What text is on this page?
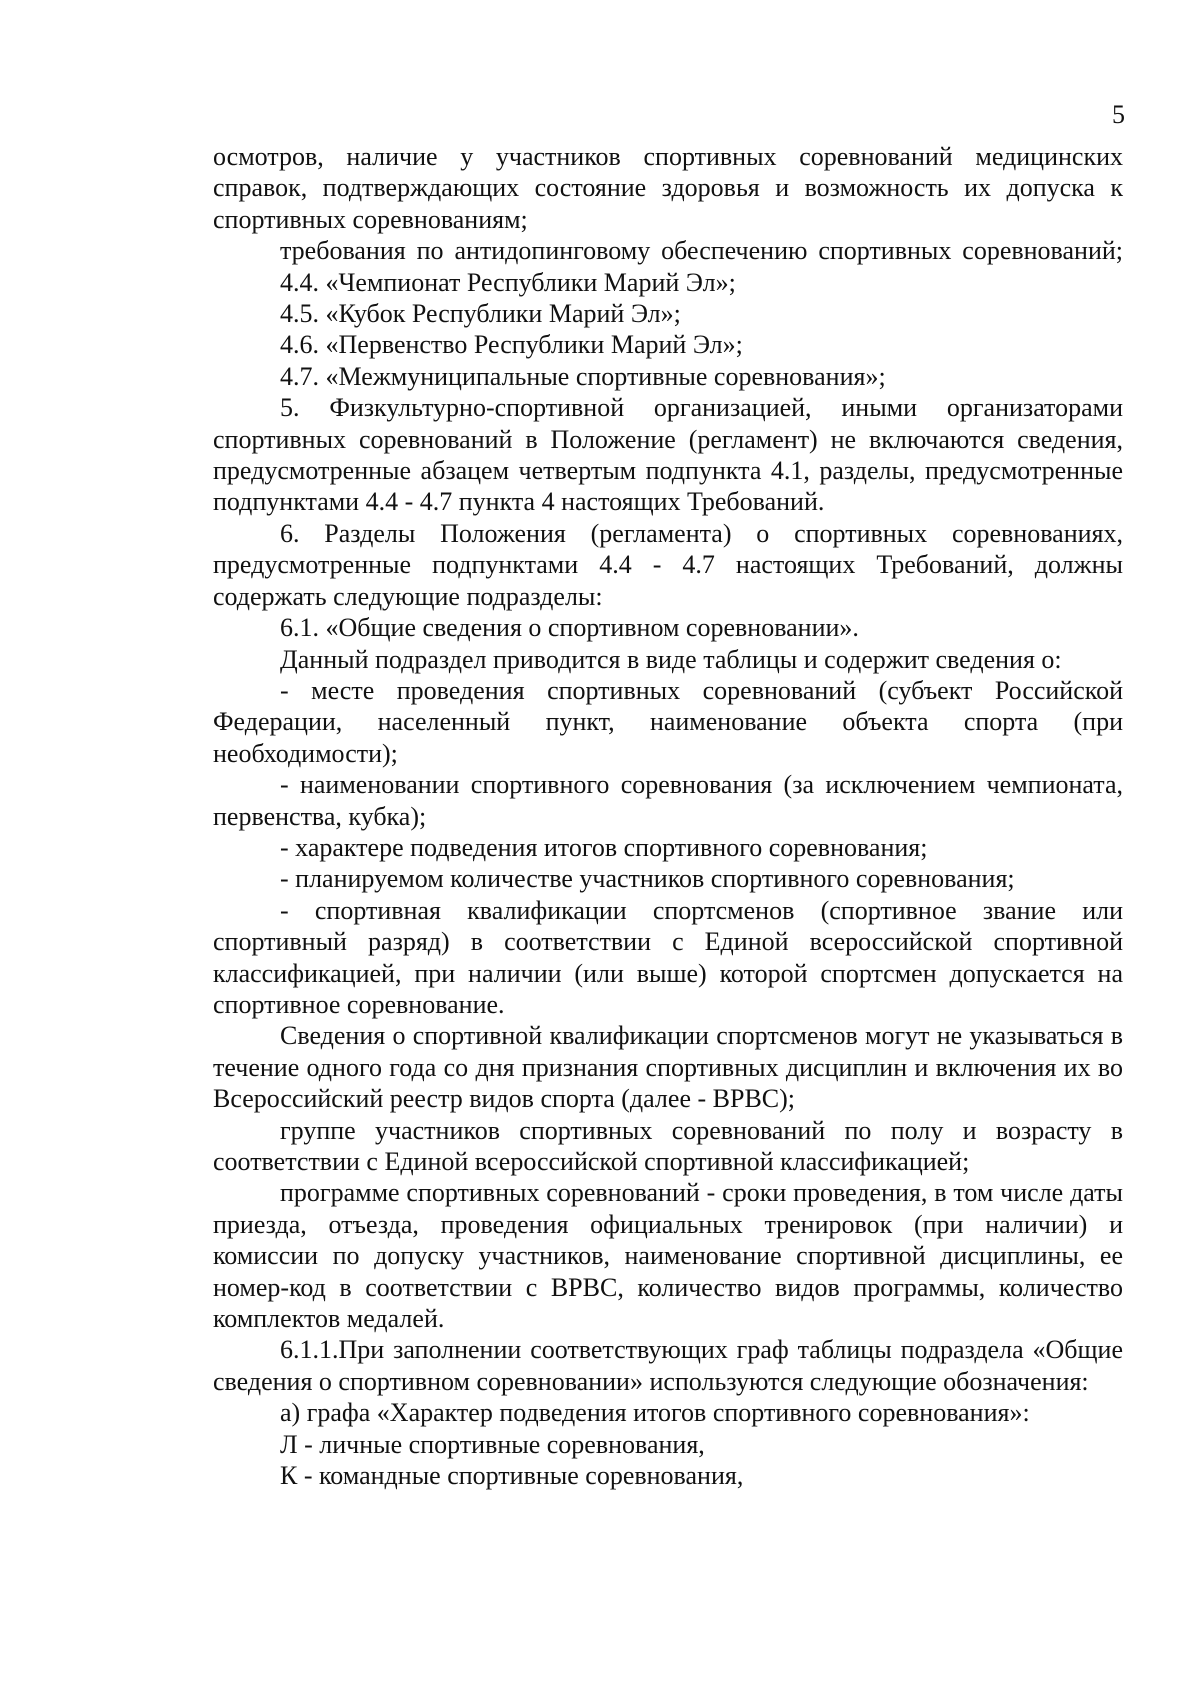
5

осмотров, наличие у участников спортивных соревнований медицинских справок, подтверждающих состояние здоровья и возможность их допуска к спортивных соревнованиям;

требования по антидопинговому обеспечению спортивных соревнований;

4.4. «Чемпионат Республики Марий Эл»;

4.5. «Кубок Республики Марий Эл»;

4.6. «Первенство Республики Марий Эл»;

4.7. «Межмуниципальные спортивные соревнования»;

5. Физкультурно-спортивной организацией, иными организаторами спортивных соревнований в Положение (регламент) не включаются сведения, предусмотренные абзацем четвертым подпункта 4.1, разделы, предусмотренные подпунктами 4.4 - 4.7 пункта 4 настоящих Требований.

6. Разделы Положения (регламента) о спортивных соревнованиях, предусмотренные подпунктами 4.4 - 4.7 настоящих Требований, должны содержать следующие подразделы:

6.1. «Общие сведения о спортивном соревновании».

Данный подраздел приводится в виде таблицы и содержит сведения о:

- месте проведения спортивных соревнований (субъект Российской Федерации, населенный пункт, наименование объекта спорта (при необходимости);

- наименовании спортивного соревнования (за исключением чемпионата, первенства, кубка);

- характере подведения итогов спортивного соревнования;

- планируемом количестве участников спортивного соревнования;

- спортивная квалификации спортсменов (спортивное звание или спортивный разряд) в соответствии с Единой всероссийской спортивной классификацией, при наличии (или выше) которой спортсмен допускается на спортивное соревнование.

Сведения о спортивной квалификации спортсменов могут не указываться в течение одного года со дня признания спортивных дисциплин и включения их во Всероссийский реестр видов спорта (далее - ВРВС);

группе участников спортивных соревнований по полу и возрасту в соответствии с Единой всероссийской спортивной классификацией;

программе спортивных соревнований - сроки проведения, в том числе даты приезда, отъезда, проведения официальных тренировок (при наличии) и комиссии по допуску участников, наименование спортивной дисциплины, ее номер-код в соответствии с ВРВС, количество видов программы, количество комплектов медалей.

6.1.1.При заполнении соответствующих граф таблицы подраздела «Общие сведения о спортивном соревновании» используются следующие обозначения:

а) графа «Характер подведения итогов спортивного соревнования»:

Л - личные спортивные соревнования,

К - командные спортивные соревнования,
